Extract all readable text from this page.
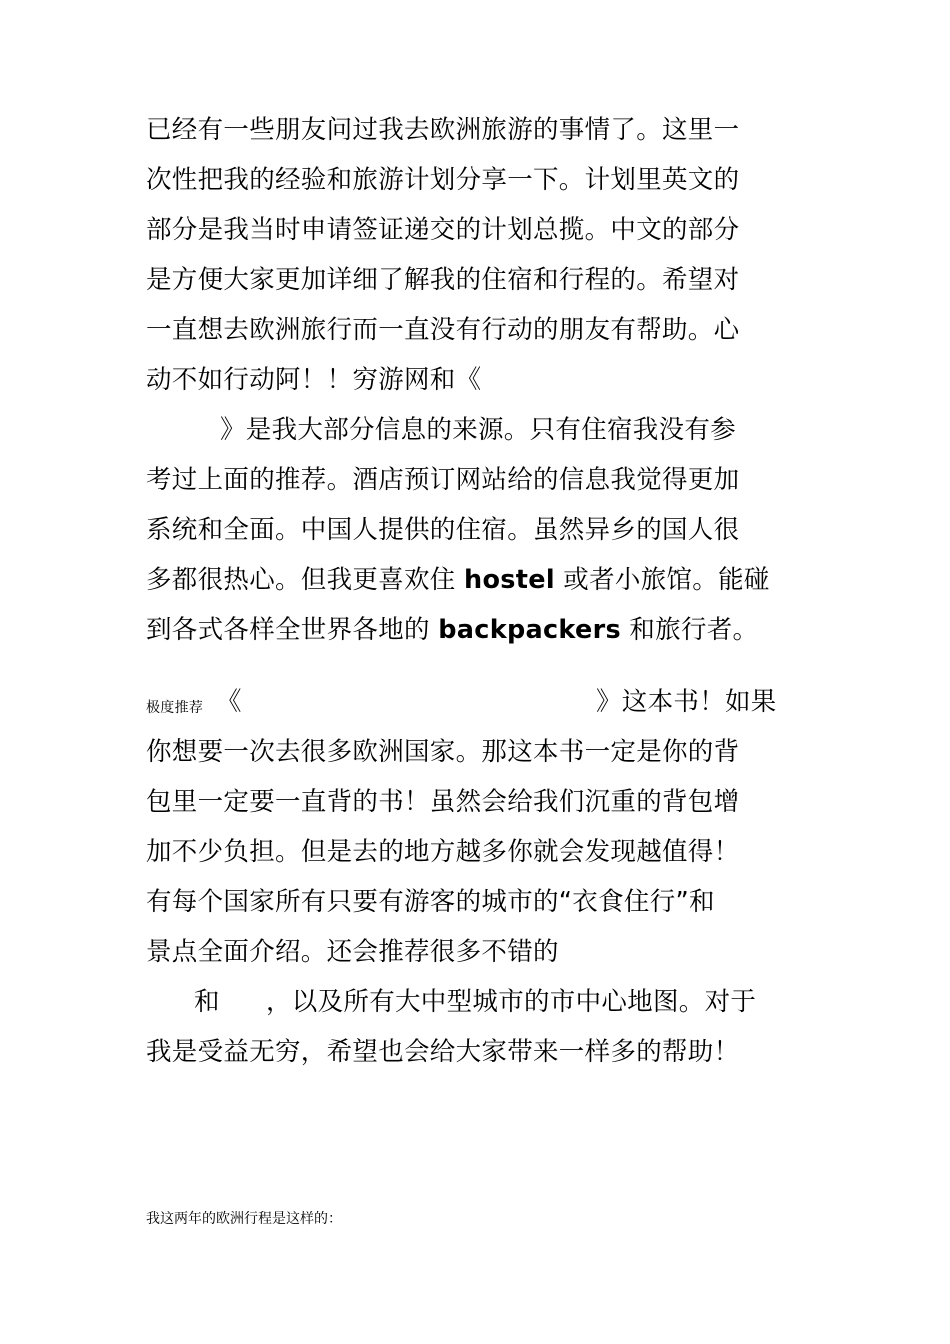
已经有一些朋友问过我去欧洲旅游的事情了。这里一
次性把我的经验和旅游计划分享一下。计划里英文的
部分是我当时申请签证递交的计划总揽。中文的部分
是方便大家更加详细了解我的住宿和行程的。希望对
一直想去欧洲旅行而一直没有行动的朋友有帮助。心
动不如行动阿！！穷游网和《
》是我大部分信息的来源。只有住宿我没有参
考过上面的推荐。酒店预订网站给的信息我觉得更加
系统和全面。中国人提供的住宿。虽然异乡的国人很
多都很热心。但我更喜欢住 hostel 或者小旅馆。能碰
到各式各样全世界各地的 backpackers 和旅行者。
极度推荐 《	》这本书！如果
你想要一次去很多欧洲国家。那这本书一定是你的背
包里一定要一直背的书！虽然会给我们沉重的背包增
加不少负担。但是去的地方越多你就会发现越值得！
有每个国家所有只要有游客的城市的“衣食住行”和
景点全面介绍。还会推荐很多不错的
和 ，以及所有大中型城市的市中心地图。对于
我是受益无穷，希望也会给大家带来一样多的帮助！
我这两年的欧洲行程是这样的：
